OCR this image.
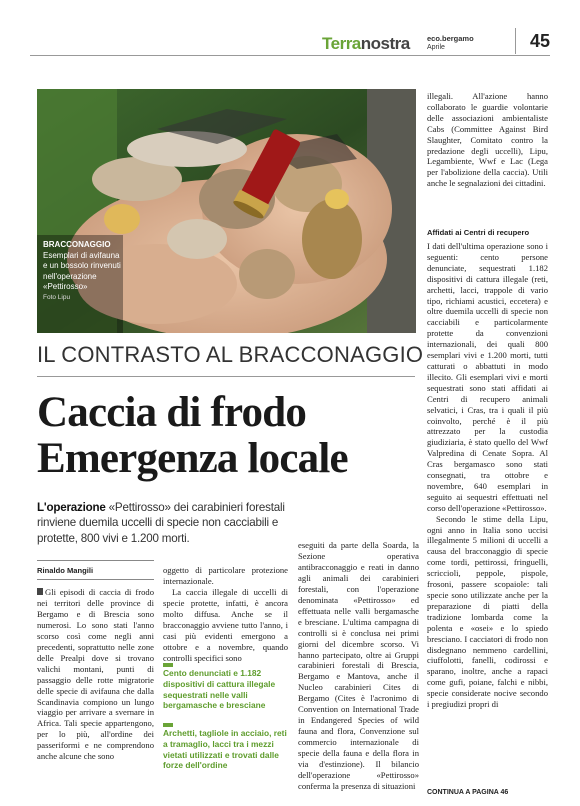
Terranostra eco.bergamo
Aprile	45
BRACCONAGGIO
Esemplari di avifauna e un bossolo rinvenuti nell'operazione «Pettirosso»
Foto Lipu

illegali. All'azione hanno collaborato le guardie volontarie delle associazioni ambientaliste Cabs (Committee Against Bird Slaughter, Comitato contro la predazione degli uccelli), Lipu, Legambiente, Wwf e Lac (Lega per l'abolizione della caccia). Utili anche le segnalazioni dei cittadini.

Affidati ai Centri di recupero

I dati dell'ultima operazione sono i seguenti: cento persone denunciate, sequestrati 1.182 dispositivi di cattura illegale (reti, archetti, lacci, trappole di vario tipo, richiami acustici, eccetera) e oltre duemila uccelli di specie non cacciabili e particolarmente protette da convenzioni internazionali, dei quali 800 esemplari vivi e 1.200 morti, tutti catturati o abbattuti in modo illecito. Gli esemplari vivi e morti sequestrati sono stati affidati ai Centri di recupero animali selvatici, i Cras, tra i quali il più coinvolto, perché è il più attrezzato per la custodia giudiziaria, è stato quello del Wwf Valpredina di Cenate Sopra. Al Cras bergamasco sono stati consegnati, tra ottobre e novembre, 640 esemplari in seguito ai sequestri effettuati nel corso dell'operazione «Pettirosso».

Secondo le stime della Lipu, ogni anno in Italia sono uccisi illegalmente 5 milioni di uccelli a causa del bracconaggio di specie come tordi, pettirossi, fringuelli, scriccioli, peppole, pispole, frosoni, passere scopaiole: tali specie sono utilizzate anche per la preparazione di piatti della tradizione lombarda come la polenta e «osei» e lo spiedo bresciano. I cacciatori di frodo non disdegnano nemmeno cardellini, ciuffolotti, fanelli, codirossi e sparano, inoltre, anche a rapaci come gufi, poiane, falchi e nibbi, specie considerate nocive secondo i pregiudizi propri di

CONTINUA A PAGINA 46
IL CONTRASTO AL BRACCONAGGIO
Caccia di frodo
Emergenza locale
L'operazione «Pettirosso» dei carabinieri forestali rinviene duemila uccelli di specie non cacciabili e protette, 800 vivi e 1.200 morti.
Rinaldo Mangili

Gli episodi di caccia di frodo nei territori delle province di Bergamo e di Brescia sono numerosi. Lo sono stati l'anno scorso così come negli anni precedenti, soprattutto nelle zone delle Prealpi dove si trovano valichi montani, punti di passaggio delle rotte migratorie delle specie di avifauna che dalla Scandinavia compiono un lungo viaggio per arrivare a svernare in Africa. Tali specie appartengono, per lo più, all'ordine dei passeriformi e ne comprendono anche alcune che sono

oggetto di particolare protezione internazionale.

La caccia illegale di uccelli di specie protette, infatti, è ancora molto diffusa. Anche se il bracconaggio avviene tutto l'anno, i casi più evidenti emergono a ottobre e a novembre, quando controlli specifici sono

Cento denunciati e 1.182 dispositivi di cattura illegale sequestrati nelle valli bergamasche e bresciane
Archetti, tagliole in acciaio, reti a tramaglio, lacci tra i mezzi vietati utilizzati e trovati dalle forze dell'ordine

eseguiti da parte della Soarda, la Sezione operativa antibracconaggio e reati in danno agli animali dei carabinieri forestali, con l'operazione denominata «Pettirosso» ed effettuata nelle valli bergamasche e bresciane. L'ultima campagna di controlli si è conclusa nei primi giorni del dicembre scorso. Vi hanno partecipato, oltre ai Gruppi carabinieri forestali di Brescia, Bergamo e Mantova, anche il Nucleo carabinieri Cites di Bergamo (Cites è l'acronimo di Convention on International Trade in Endangered Species of wild fauna and flora, Convenzione sul commercio internazionale di specie della fauna e della flora in via d'estinzione). Il bilancio dell'operazione «Pettirosso» conferma la presenza di situazioni
